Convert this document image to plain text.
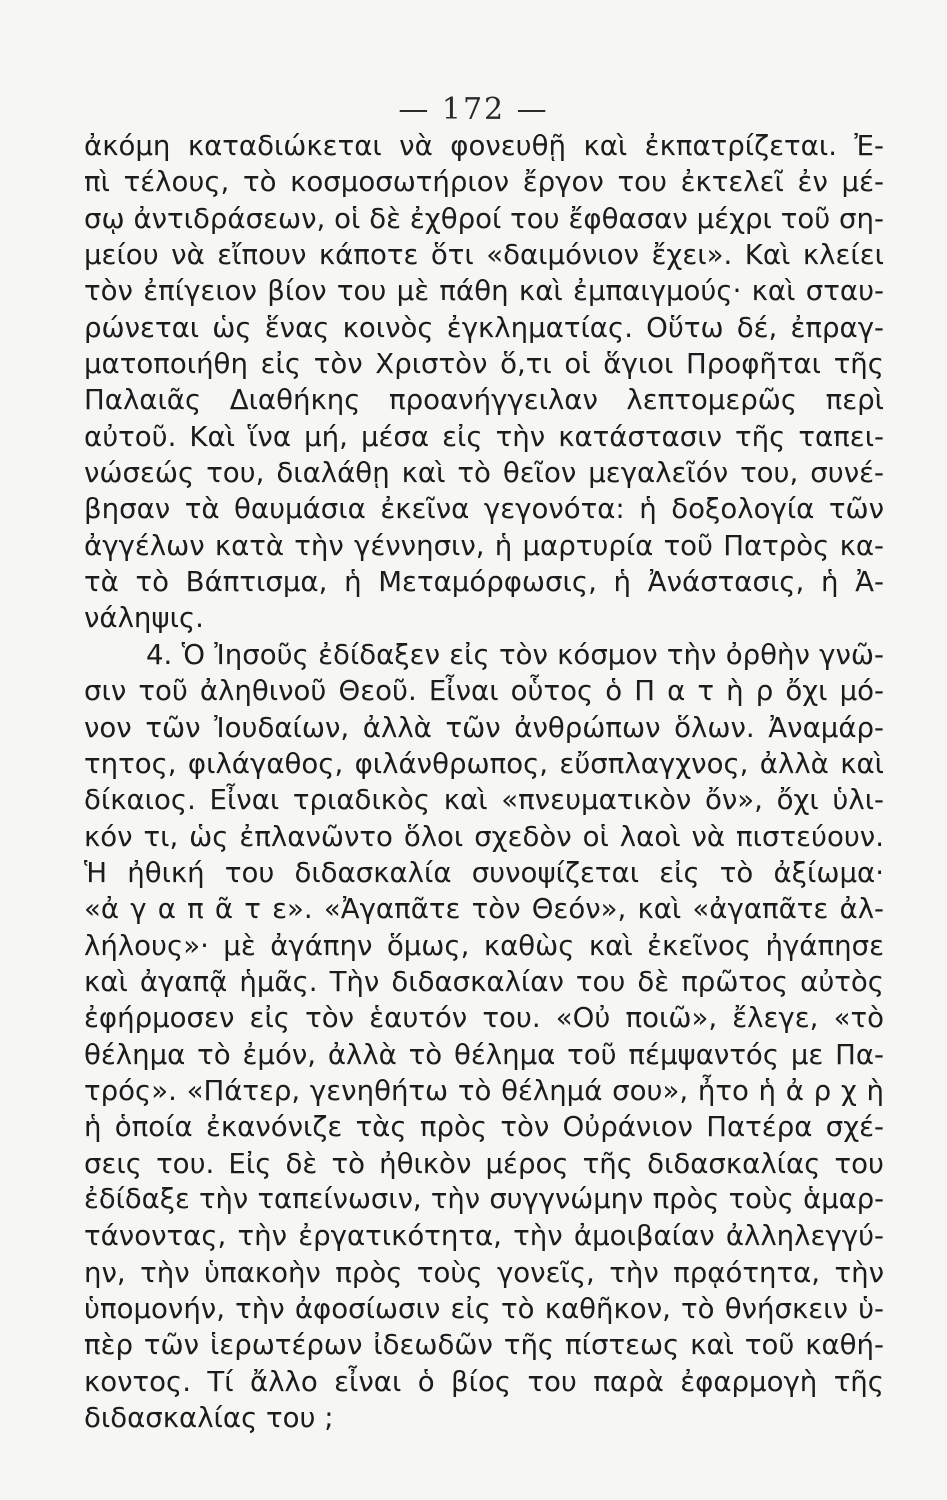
— 172 —
ἀκόμη καταδιώκεται νὰ φονευθῇ καὶ ἐκπατρίζεται. Ἐ-
πὶ τέλους, τὸ κοσμοσωτήριον ἔργον του ἐκτελεῖ ἐν μέ-
σῳ ἀντιδράσεων, οἱ δὲ ἐχθροί του ἔφθασαν μέχρι τοῦ ση-
μείου νὰ εἴπουν κάποτε ὅτι «δαιμόνιον ἔχει». Καὶ κλείει
τὸν ἐπίγειον βίον του μὲ πάθη καὶ ἐμπαιγμούς· καὶ σταυ-
ρώνεται ὡς ἕνας κοινὸς ἐγκληματίας. Οὕτω δέ, ἐπραγ-
ματοποιήθη εἰς τὸν Χριστὸν ὅ,τι οἱ ἅγιοι Προφῆται τῆς
Παλαιᾶς Διαθήκης προανήγγειλαν λεπτομερῶς περὶ
αὐτοῦ. Καὶ ἵνα μή, μέσα εἰς τὴν κατάστασιν τῆς ταπει-
νώσεώς του, διαλάθῃ καὶ τὸ θεῖον μεγαλεῖόν του, συνέ-
βησαν τὰ θαυμάσια ἐκεῖνα γεγονότα: ἡ δοξολογία τῶν
ἀγγέλων κατὰ τὴν γέννησιν, ἡ μαρτυρία τοῦ Πατρὸς κα-
τὰ τὸ Βάπτισμα, ἡ Μεταμόρφωσις, ἡ Ἀνάστασις, ἡ Ἀ-
νάληψις.
4. Ὁ Ἰησοῦς ἐδίδαξεν εἰς τὸν κόσμον τὴν ὀρθὴν γνῶ-
σιν τοῦ ἀληθινοῦ Θεοῦ. Εἶναι οὗτος ὁ Π α τ ὴ ρ ὄχι μό-
νον τῶν Ἰουδαίων, ἀλλὰ τῶν ἀνθρώπων ὅλων. Ἀναμάρ-
τητος, φιλάγαθος, φιλάνθρωπος, εὔσπλαγχνος, ἀλλὰ καὶ
δίκαιος. Εἶναι τριαδικὸς καὶ «πνευματικὸν ὄν», ὄχι ὑλι-
κόν τι, ὡς ἐπλανῶντο ὅλοι σχεδὸν οἱ λαοὶ νὰ πιστεύουν.
Ἡ ἠθική του διδασκαλία συνοψίζεται εἰς τὸ ἀξίωμα·
«ἀ γ α π ᾶ τ ε». «Ἀγαπᾶτε τὸν Θεόν», καὶ «ἀγαπᾶτε ἀλ-
λήλους»· μὲ ἀγάπην ὅμως, καθὼς καὶ ἐκεῖνος ἠγάπησε
καὶ ἀγαπᾷ ἡμᾶς. Τὴν διδασκαλίαν του δὲ πρῶτος αὐτὸς
ἐφήρμοσεν εἰς τὸν ἑαυτόν του. «Οὐ ποιῶ», ἔλεγε, «τὸ
θέλημα τὸ ἐμόν, ἀλλὰ τὸ θέλημα τοῦ πέμψαντός με Πα-
τρός». «Πάτερ, γενηθήτω τὸ θέλημά σου», ἦτο ἡ ἀ ρ χ ὴ
ἡ ὁποία ἐκανόνιζε τὰς πρὸς τὸν Οὐράνιον Πατέρα σχέ-
σεις του. Εἰς δὲ τὸ ἠθικὸν μέρος τῆς διδασκαλίας του
ἐδίδαξε τὴν ταπείνωσιν, τὴν συγγνώμην πρὸς τοὺς ἁμαρ-
τάνοντας, τὴν ἐργατικότητα, τὴν ἀμοιβαίαν ἀλληλεγγύ-
ην, τὴν ὑπακοὴν πρὸς τοὺς γονεῖς, τὴν πρᾳότητα, τὴν
ὑπομονήν, τὴν ἀφοσίωσιν εἰς τὸ καθῆκον, τὸ θνήσκειν ὑ-
πὲρ τῶν ἱερωτέρων ἰδεωδῶν τῆς πίστεως καὶ τοῦ καθή-
κοντος. Τί ἄλλο εἶναι ὁ βίος του παρὰ ἐφαρμογὴ τῆς
διδασκαλίας του ;
